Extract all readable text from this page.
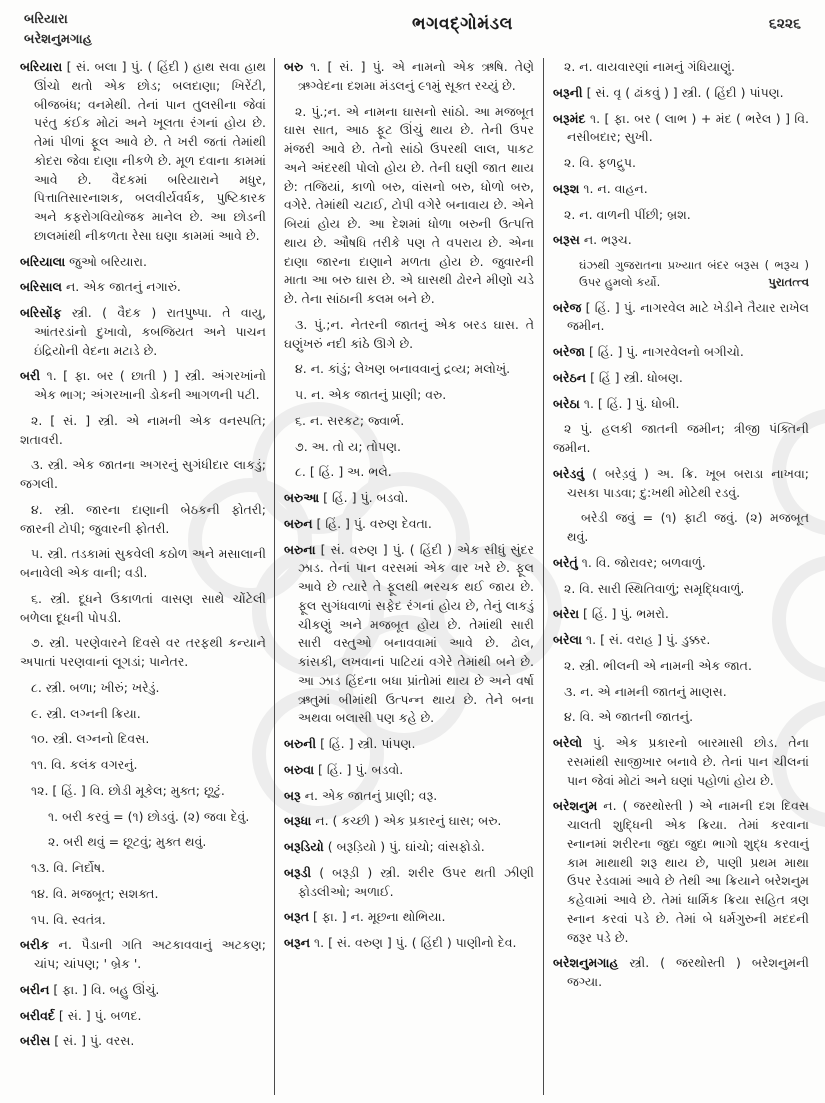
બરિયારા
બરેશનુમગાહ
ભગવદ્ગોમંડલ	૬૨૨૬

બરિયારા [ સં. બલા ] પું. ( હિંદી ) હાથ સવા હાથ ઊંચો થતો એક છોડ; બલદાણા; ખિરેંટી, બીજબંધ; વનમેથી. તેનાં પાન તુલસીના જેવાં પરંતુ કંઈક મોટાં અને ખૂલતા રંગનાં હોય છે. તેમાં પીળાં ફૂલ આવે છે. તે ખરી જતાં તેમાંથી કોદરા જેવા દાણા નીકળે છે. મૂળ દવાના કામમાં આવે છે. વૈદકમાં બરિયારાને મધુર, પિત્તાતિસારનાશક, બલવીર્યવર્ધક, પુષ્ટિકારક અને કફરોગવિયોજક માનેલ છે. આ છોડની છાલમાંથી નીકળતા રેસા ઘણા કામમાં આવે છે.

બરિયાલા જુઓ બરિયારા.

બરિસાલ ન. એક જાતનું નગારું.

બરિસોંફ સ્ત્રી. ( વૈદક ) રાતપુષ્પા. તે વાયુ, આંતરડાંનો દુખાવો, કબજિયત અને પાચન ઇંદ્રિયોની વેદના મટાડે છે.

બરી ૧. [ ફા. બર ( છાતી ) ] સ્ત્રી. અંગરખાંનો એક ભાગ; અંગરખાની ડોકની આગળની પટી.

૨. [ સં. ] સ્ત્રી. એ નામની એક વનસ્પતિ; શતાવરી.

૩. સ્ત્રી. એક જાતના અગરનું સુગંધીદાર લાકડું; જગલી.

૪. સ્ત્રી. જારના દાણાની બેઠકની ફોતરી; જારની ટોપી; જુવારની ફોતરી.

૫. સ્ત્રી. તડકામાં સુકવેલી કઠોળ અને મસાલાની બનાવેલી એક વાની; વડી.

૬. સ્ત્રી. દૂધને ઉકાળતાં વાસણ સાથે ચોંટેલી બળેલા દૂધની પોપડી.

૭. સ્ત્રી. પરણેવારને દિવસે વર તરફથી કન્યાને અપાતાં પરણવાનાં લૂગડાં; પાનેતર.

૮. સ્ત્રી. બળા; ખીરું; ખરેડું.

૯. સ્ત્રી. લગ્નની ક્રિયા.

૧૦. સ્ત્રી. લગ્નનો દિવસ.

૧૧. વિ. કલંક વગરનું.

૧૨. [ હિં. ] વિ. છોડી મૂકેલ; મુક્ત; છૂટું.

૧. બરી કરવું = (૧) છોડવું. (૨) જવા દેવું.

૨. બરી થવું = છૂટવું; મુક્ત થવું.

૧૩. વિ. નિર્દોષ.

૧૪. વિ. મજબૂત; સશક્ત.

૧૫. વિ. સ્વતંત્ર.

બરીક ન. પૈડાની ગતિ અટકાવવાનું અટકણ; ચાંપ; ચાંપણ; ' બ્રેક '.

બરીન [ ફા. ] વિ. બહુ ઊંચું.

બરીવર્દ [ સં. ] પું. બળદ.

બરીસ [ સં. ] પું. વરસ.

બરુ ૧. [ સં. ] પું. એ નામનો એક ઋષિ. તેણે ઋગ્વેદના દશમા મંડલનું ૯૧મું સૂક્ત રચ્યું છે.

૨. પું.;ન. એ નામના ઘાસનો સાંઠો. આ મજબૂત ઘાસ સાત, આઠ ફૂટ ઊંચું થાય છે. તેની ઉપર મંજરી આવે છે. તેનો સાંઠો ઉપરથી લાલ, પાકટ અને અંદરથી પોલો હોય છે. તેની ઘણી જાત થાય છે: તજિયાં, કાળો બરુ, વાંસનો બરુ, ધોળો બરુ, વગેરે. તેમાંથી ચટાઈ, ટોપી વગેરે બનાવાય છે. એને બિયાં હોય છે. આ દેશમાં ધોળા બરુની ઉત્પત્તિ થાય છે. ઔષધિ તરીકે પણ તે વપરાય છે. એના દાણા જારના દાણાને મળતા હોય છે. જુવારની માતા આ બરુ ઘાસ છે. એ ઘાસથી ઢોરને મીણો ચડે છે. તેના સાંઠાની કલમ બને છે.

૩. પું.;ન. નેતરની જાતનું એક બરડ ઘાસ. તે ઘણુંખરું નદી કાંઠે ઊગે છે.

૪. ન. કાંડું; લેખણ બનાવવાનું દ્રવ્ય; મલોખું.

૫. ન. એક જાતનું પ્રાણી; વરુ.

૬. ન. સરકટ; જ્વાર્ભ.

૭. અ. તો ય; તોપણ.

૮. [ હિં. ] અ. ભલે.

બરુઆ [ હિં. ] પું. બડવો.

બરુન [ હિં. ] પું. વરુણ દેવતા.

બરુના [ સં. વરુણ ] પું. ( હિંદી ) એક સીધું સુંદર ઝાડ. તેનાં પાન વરસમાં એક વાર ખરે છે. ફૂલ આવે છે ત્યારે તે ફૂલથી ભરચક થઈ જાય છે. ફૂલ સુગંધવાળાં સફેદ રંગનાં હોય છે, તેનું લાકડું ચીકણું અને મજબૂત હોય છે. તેમાંથી સારી સારી વસ્તુઓ બનાવવામાં આવે છે. ઢોલ, કાંસકી, લખવાનાં પાટિયાં વગેરે તેમાંથી બને છે. આ ઝાડ હિંદના બધા પ્રાંતોમાં થાય છે અને વર્ષા ઋતુમાં બીમાંથી ઉત્પન્ન થાય છે. તેને બના અથવા બલાસી પણ કહે છે.

બરુની [ હિં. ] સ્ત્રી. પાંપણ.

બરુવા [ હિં. ] પું. બડવો.

બરૂ ન. એક જાતનું પ્રાણી; વરૂ.

બરૂધા ન. ( કચ્છી ) એક પ્રકારનું ઘાસ; બરુ.

બરૂડિયો ( બરૂડ઼િયો ) પું. ઘાંચો; વાંસફોડો.

બરૂડી ( બરૂડ઼ી ) સ્ત્રી. શરીર ઉપર થતી ઝીણી ફોડલીઓ; અળાઈ.

બરૂત [ ફા. ] ન. મૂછના થોભિયા.

બરૂન ૧. [ સં. વરુણ ] પું. ( હિંદી ) પાણીનો દેવ.

૨. ન. વાયવારણાં નામનું ગંધિયાણું.

બરૂની [ સં. વૃ ( ઢાંકવું ) ] સ્ત્રી. ( હિંદી ) પાંપણ.

બરૂમંદ ૧. [ ફા. બર ( લાભ ) + મંદ ( ભરેલ ) ] વિ. નસીબદાર; સુખી.

૨. વિ. ફળદ્રુપ.

બરૂશ ૧. ન. વાહન.

૨. ન. વાળની પીંછી; બ્રશ.

બરૂસ ન. ભરૂચ.

ઘંઝથી ગુજરાતના પ્રખ્યાત બંદર બરૂસ ( ભરૂચ ) ઉપર હુમલો કર્યો.	પુરાતત્ત્વ

બરેજ [ હિં. ] પું. નાગરવેલ માટે ખેડીને તૈયાર રાખેલ જમીન.

બરેજા [ હિં. ] પું. નાગરવેલનો બગીચો.

બરેઠન [ હિં ] સ્ત્રી. ધોબણ.

બરેઠા ૧. [ હિં. ] પું. ધોબી.

૨ પું. હલકી જાતની જમીન; ત્રીજી પંક્તિની જમીન.

બરેડવું ( બરેડ઼વું ) અ. ક્રિ. ખૂબ બરાડા નાખવા; ચસકા પાડવા; દુ:ખથી મોટેથી રડવું.

બરેડી જવું = (૧) ફાટી જવું. (૨) મજબૂત થવું.

બરેતું ૧. વિ. જોરાવર; બળવાળું.

૨. વિ. સારી સ્થિતિવાળું; સમૃદ્ધિવાળું.

બરેરા [ હિં. ] પું. ભમરો.

બરેલા ૧. [ સં. વરાહ ] પું. ડુક્કર.

૨. સ્ત્રી. ભીલની એ નામની એક જાત.

૩. ન. એ નામની જાતનું માણસ.

૪. વિ. એ જાતની જાતનું.

બરેલો પું. એક પ્રકારનો બારમાસી છોડ. તેના રસમાંથી સાજીખાર બનાવે છે. તેનાં પાન ચીલનાં પાન જેવાં મોટાં અને ઘણાં પહોળાં હોય છે.

બરેશનુમ ન. ( જરથોસ્તી ) એ નામની દશ દિવસ ચાલતી શુદ્ધિની એક ક્રિયા. તેમાં કરવાના સ્નાનમાં શરીરના જુદા જુદા ભાગો શુદ્ધ કરવાનું કામ માથાથી શરૂ થાય છે, પાણી પ્રથમ માથા ઉપર રેડવામાં આવે છે તેથી આ ક્રિયાને બરેશનુમ કહેવામાં આવે છે. તેમાં ધાર્મિક ક્રિયા સહિત ત્રણ સ્નાન કરવાં પડે છે. તેમાં બે ધર્મગુરુની મદદની જરૂર પડે છે.

બરેશનુમગાહ સ્ત્રી. ( જરથોસ્તી ) બરેશનુમની જગ્યા.
